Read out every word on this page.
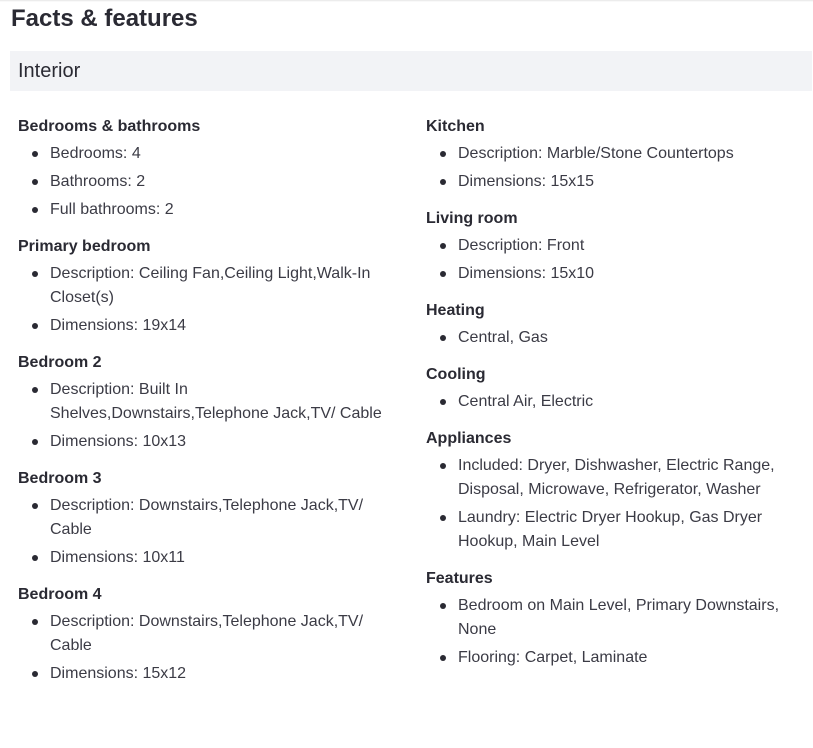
Facts & features
Interior
Bedrooms & bathrooms
Bedrooms: 4
Bathrooms: 2
Full bathrooms: 2
Primary bedroom
Description: Ceiling Fan,Ceiling Light,Walk-In Closet(s)
Dimensions: 19x14
Bedroom 2
Description: Built In Shelves,Downstairs,Telephone Jack,TV/ Cable
Dimensions: 10x13
Bedroom 3
Description: Downstairs,Telephone Jack,TV/ Cable
Dimensions: 10x11
Bedroom 4
Description: Downstairs,Telephone Jack,TV/ Cable
Dimensions: 15x12
Kitchen
Description: Marble/Stone Countertops
Dimensions: 15x15
Living room
Description: Front
Dimensions: 15x10
Heating
Central, Gas
Cooling
Central Air, Electric
Appliances
Included: Dryer, Dishwasher, Electric Range, Disposal, Microwave, Refrigerator, Washer
Laundry: Electric Dryer Hookup, Gas Dryer Hookup, Main Level
Features
Bedroom on Main Level, Primary Downstairs, None
Flooring: Carpet, Laminate
